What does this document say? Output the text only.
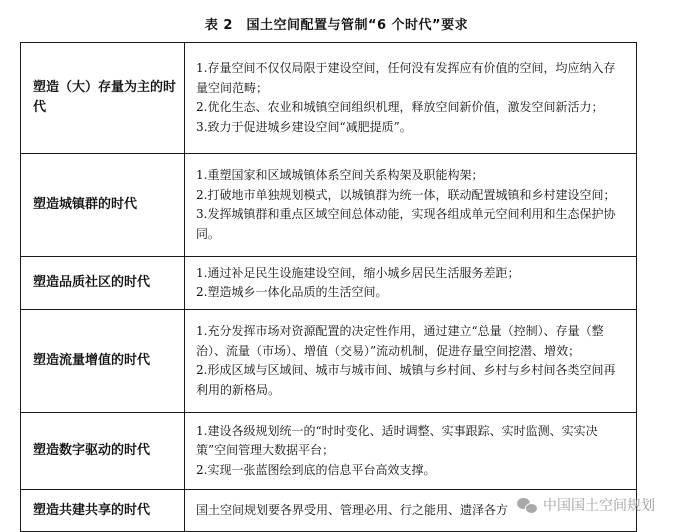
表 2　国土空间配置与管制“6 个时代”要求
塑造（大）存量为主的时代	1.存量空间不仅仅局限于建设空间，任何没有发挥应有价值的空间，均应纳入存量空间范畴；
2.优化生态、农业和城镇空间组织机理，释放空间新价值，激发空间新活力；
3.致力于促进城乡建设空间“减肥提质”。

塑造城镇群的时代	1.重塑国家和区域城镇体系空间关系构架及职能构架；
2.打破地市单独规划模式，以城镇群为统一体，联动配置城镇和乡村建设空间；
3.发挥城镇群和重点区域空间总体动能，实现各组成单元空间利用和生态保护协同。

塑造品质社区的时代	1.通过补足民生设施建设空间，缩小城乡居民生活服务差距；
2.塑造城乡一体化品质的生活空间。

塑造流量增值的时代	1.充分发挥市场对资源配置的决定性作用，通过建立“总量（控制）、存量（整治）、流量（市场）、增值（交易）”流动机制，促进存量空间挖潜、增效；
2.形成区域与区域间、城市与城市间、城镇与乡村间、乡村与乡村间各类空间再利用的新格局。

塑造数字驱动的时代	1.建设各级规划统一的“时时变化、适时调整、实事跟踪、实时监测、实实决策”空间管理大数据平台；
2.实现一张蓝图绘到底的信息平台高效支撑。

塑造共建共享的时代	国土空间规划要各界受用、管理必用、行之能用、遗泽各方	中国国土空间规划
